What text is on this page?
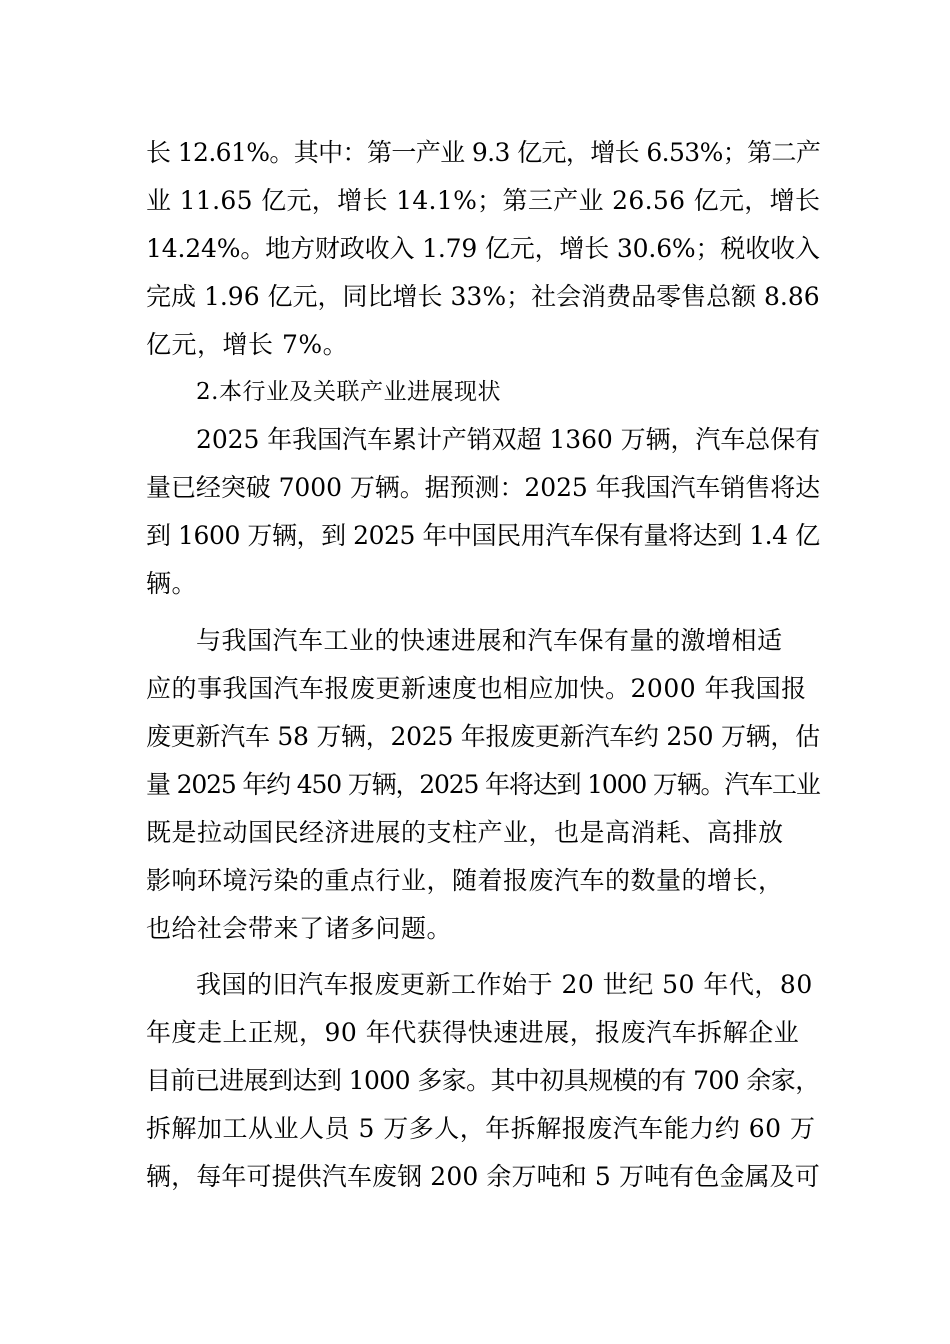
长 12.61%。其中：第一产业 9.3 亿元，增长 6.53%；第二产
业 11.65 亿元，增长 14.1%；第三产业 26.56 亿元，增长
14.24%。地方财政收入 1.79 亿元，增长 30.6%；税收收入
完成 1.96 亿元，同比增长 33%；社会消费品零售总额 8.86
亿元，增长 7%。
2.本行业及关联产业进展现状
2025 年我国汽车累计产销双超 1360 万辆，汽车总保有
量已经突破 7000 万辆。据预测：2025 年我国汽车销售将达
到 1600 万辆，到 2025 年中国民用汽车保有量将达到 1.4 亿
辆。
与我国汽车工业的快速进展和汽车保有量的激增相适
应的事我国汽车报废更新速度也相应加快。2000 年我国报
废更新汽车 58 万辆，2025 年报废更新汽车约 250 万辆，估
量 2025 年约 450 万辆，2025 年将达到 1000 万辆。汽车工业
既是拉动国民经济进展的支柱产业，也是高消耗、高排放
影响环境污染的重点行业，随着报废汽车的数量的增长，
也给社会带来了诸多问题。
我国的旧汽车报废更新工作始于 20 世纪 50 年代，80
年度走上正规，90 年代获得快速进展，报废汽车拆解企业
目前已进展到达到 1000 多家。其中初具规模的有 700 余家，
拆解加工从业人员 5 万多人，年拆解报废汽车能力约 60 万
辆，每年可提供汽车废钢 200 余万吨和 5 万吨有色金属及可
